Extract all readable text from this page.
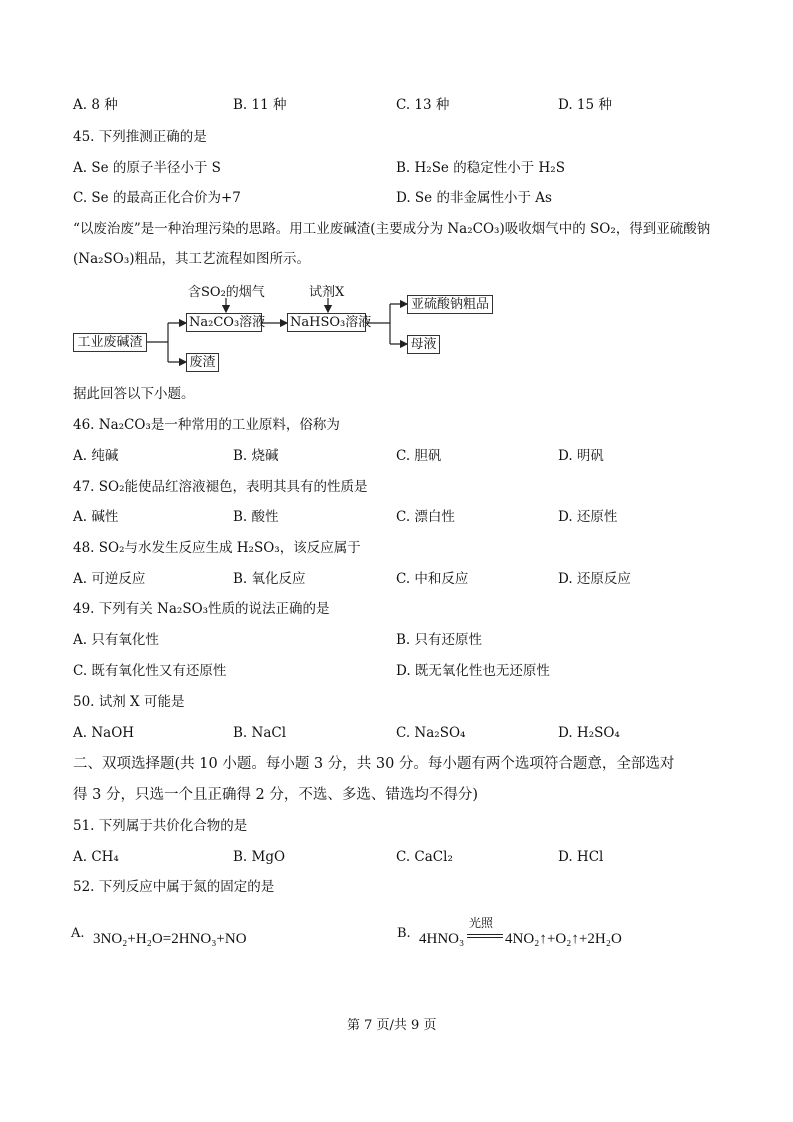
A. 8 种	B. 11 种	C. 13 种	D. 15 种
45. 下列推测正确的是
A. Se 的原子半径小于 S	B. H₂Se 的稳定性小于 H₂S
C. Se 的最高正化合价为+7	D. Se 的非金属性小于 As
“以废治废”是一种治理污染的思路。用工业废碱渣(主要成分为 Na₂CO₃)吸收烟气中的 SO₂，得到亚硫酸钠
(Na₂SO₃)粗品，其工艺流程如图所示。
工业废碱渣
Na₂CO₃溶液
废渣
NaHSO₃溶液
亚硫酸钠粗品
母液
含SO₂的烟气	试剂X
据此回答以下小题。
46. Na₂CO₃是一种常用的工业原料，俗称为
A. 纯碱	B. 烧碱	C. 胆矾	D. 明矾
47. SO₂能使品红溶液褪色，表明其具有的性质是
A. 碱性	B. 酸性	C. 漂白性	D. 还原性
48. SO₂与水发生反应生成 H₂SO₃，该反应属于
A. 可逆反应	B. 氧化反应	C. 中和反应	D. 还原反应
49. 下列有关 Na₂SO₃性质的说法正确的是
A. 只有氧化性	B. 只有还原性
C. 既有氧化性又有还原性	D. 既无氧化性也无还原性
50. 试剂 X 可能是
A. NaOH	B. NaCl	C. Na₂SO₄	D. H₂SO₄
二、双项选择题(共 10 小题。每小题 3 分，共 30 分。每小题有两个选项符合题意，全部选对
得 3 分，只选一个且正确得 2 分，不选、多选、错选均不得分)
51. 下列属于共价化合物的是
A. CH₄	B. MgO	C. CaCl₂	D. HCl
52. 下列反应中属于氮的固定的是
A. 3NO₂+H₂O=2HNO₃+NO	B. 4HNO₃
光照
4NO₂↑+O₂↑+2H₂O
第 7 页/共 9 页
